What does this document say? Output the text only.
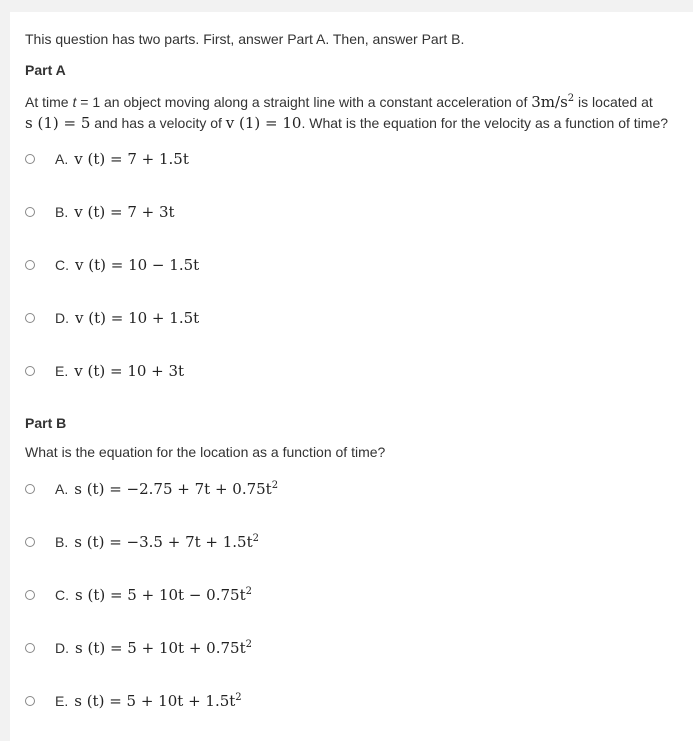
This question has two parts. First, answer Part A. Then, answer Part B.
Part A
At time t = 1 an object moving along a straight line with a constant acceleration of $3m/s^2$ is located at
s (1) = 5 and has a velocity of v (1) = 10. What is the equation for the velocity as a function of time?
A. v (t) = 7 + 1.5t
B. v (t) = 7 + 3t
C. v (t) = 10 − 1.5t
D. v (t) = 10 + 1.5t
E. v (t) = 10 + 3t
Part B
What is the equation for the location as a function of time?
A. s $(t) = -2.75 + 7t + 0.75t^2$
B. s $(t) = -3.5 + 7t + 1.5t^2$
C. s $(t) = 5 + 10t - 0.75t^2$
D. s $(t) = 5 + 10t + 0.75t^2$
E. s $(t) = 5 + 10t + 1.5t^2$
